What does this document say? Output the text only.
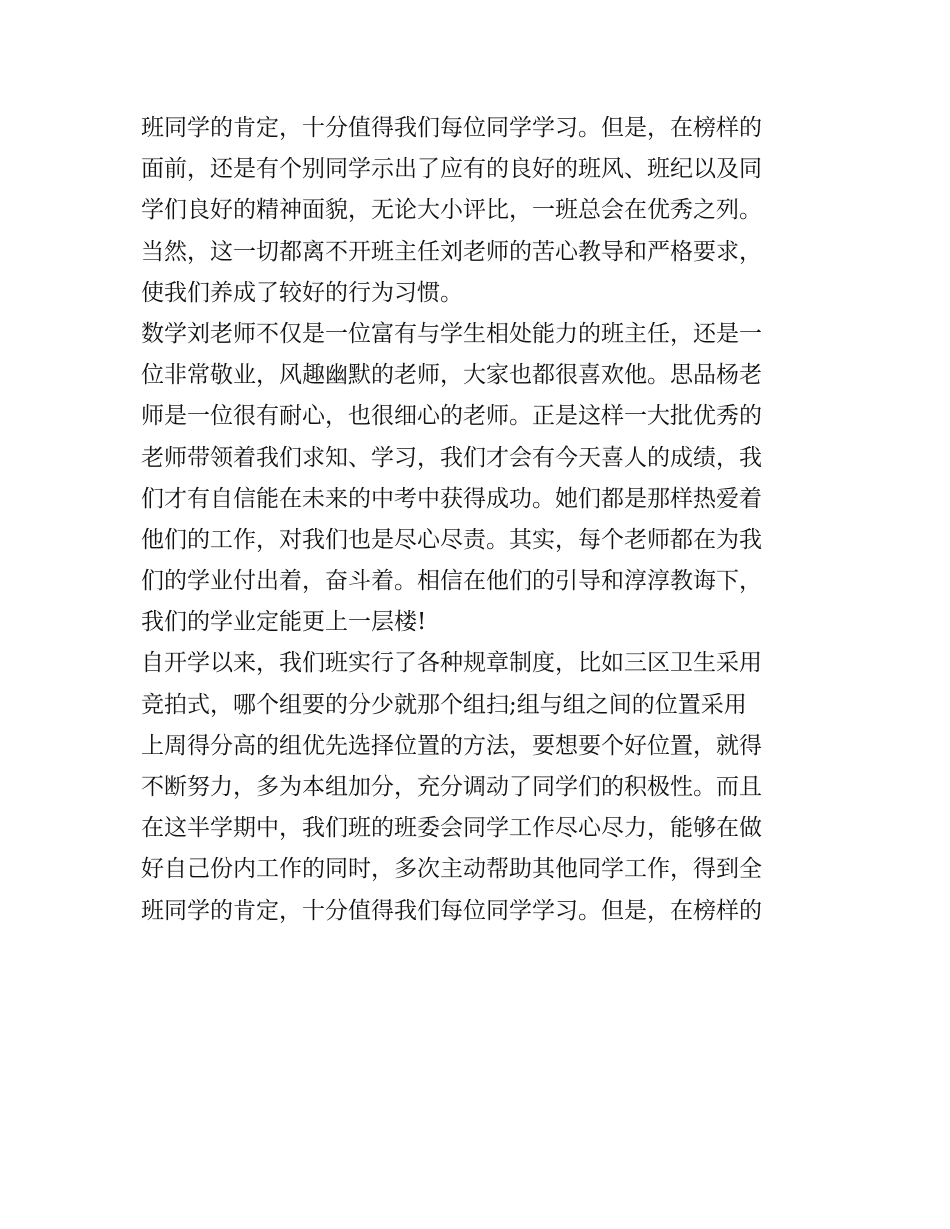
班同学的肯定，十分值得我们每位同学学习。但是，在榜样的
面前，还是有个别同学示出了应有的良好的班风、班纪以及同
学们良好的精神面貌，无论大小评比，一班总会在优秀之列。
当然，这一切都离不开班主任刘老师的苦心教导和严格要求，
使我们养成了较好的行为习惯。
数学刘老师不仅是一位富有与学生相处能力的班主任，还是一
位非常敬业，风趣幽默的老师，大家也都很喜欢他。思品杨老
师是一位很有耐心，也很细心的老师。正是这样一大批优秀的
老师带领着我们求知、学习，我们才会有今天喜人的成绩，我
们才有自信能在未来的中考中获得成功。她们都是那样热爱着
他们的工作，对我们也是尽心尽责。其实，每个老师都在为我
们的学业付出着，奋斗着。相信在他们的引导和淳淳教诲下，
我们的学业定能更上一层楼!
自开学以来，我们班实行了各种规章制度，比如三区卫生采用
竞拍式，哪个组要的分少就那个组扫;组与组之间的位置采用
上周得分高的组优先选择位置的方法，要想要个好位置，就得
不断努力，多为本组加分，充分调动了同学们的积极性。而且
在这半学期中，我们班的班委会同学工作尽心尽力，能够在做
好自己份内工作的同时，多次主动帮助其他同学工作，得到全
班同学的肯定，十分值得我们每位同学学习。但是，在榜样的
